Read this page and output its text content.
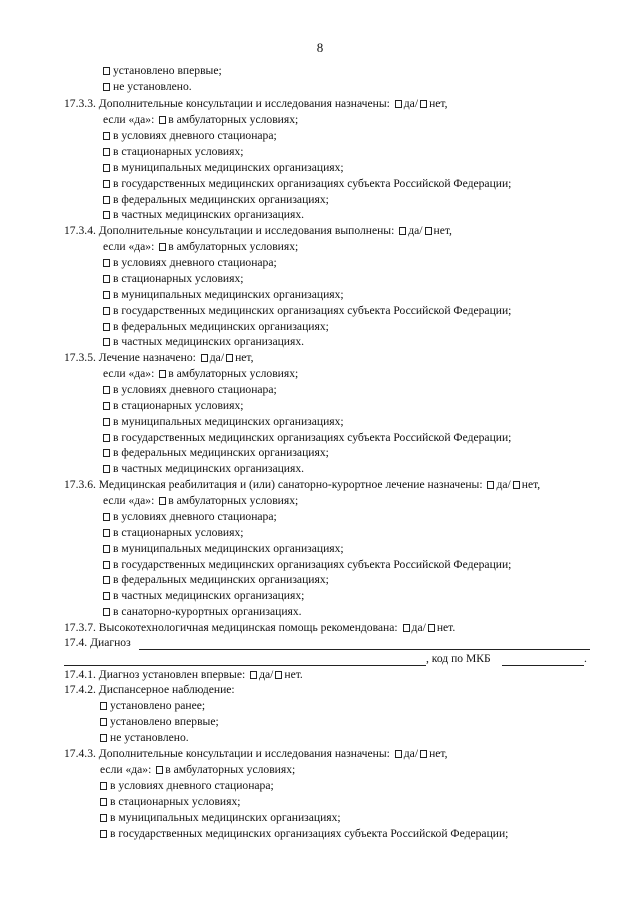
8
установлено впервые;
не установлено.
17.3.3. Дополнительные консультации и исследования назначены: да/ нет,
если «да»: в амбулаторных условиях;
в условиях дневного стационара;
в стационарных условиях;
в муниципальных медицинских организациях;
в государственных медицинских организациях субъекта Российской Федерации;
в федеральных медицинских организациях;
в частных медицинских организациях.
17.3.4. Дополнительные консультации и исследования выполнены: да/ нет,
если «да»: в амбулаторных условиях;
в условиях дневного стационара;
в стационарных условиях;
в муниципальных медицинских организациях;
в государственных медицинских организациях субъекта Российской Федерации;
в федеральных медицинских организациях;
в частных медицинских организациях.
17.3.5. Лечение назначено: да/ нет,
если «да»: в амбулаторных условиях;
в условиях дневного стационара;
в стационарных условиях;
в муниципальных медицинских организациях;
в государственных медицинских организациях субъекта Российской Федерации;
в федеральных медицинских организациях;
в частных медицинских организациях.
17.3.6. Медицинская реабилитация и (или) санаторно-курортное лечение назначены: да/ нет,
если «да»: в амбулаторных условиях;
в условиях дневного стационара;
в стационарных условиях;
в муниципальных медицинских организациях;
в государственных медицинских организациях субъекта Российской Федерации;
в федеральных медицинских организациях;
в частных медицинских организациях;
в санаторно-курортных организациях.
17.3.7. Высокотехнологичная медицинская помощь рекомендована: да/ нет.
17.4. Диагноз
, код по МКБ	.
17.4.1. Диагноз установлен впервые: да/ нет.
17.4.2. Диспансерное наблюдение:
установлено ранее;
установлено впервые;
не установлено.
17.4.3. Дополнительные консультации и исследования назначены: да/ нет,
если «да»: в амбулаторных условиях;
в условиях дневного стационара;
в стационарных условиях;
в муниципальных медицинских организациях;
в государственных медицинских организациях субъекта Российской Федерации;
